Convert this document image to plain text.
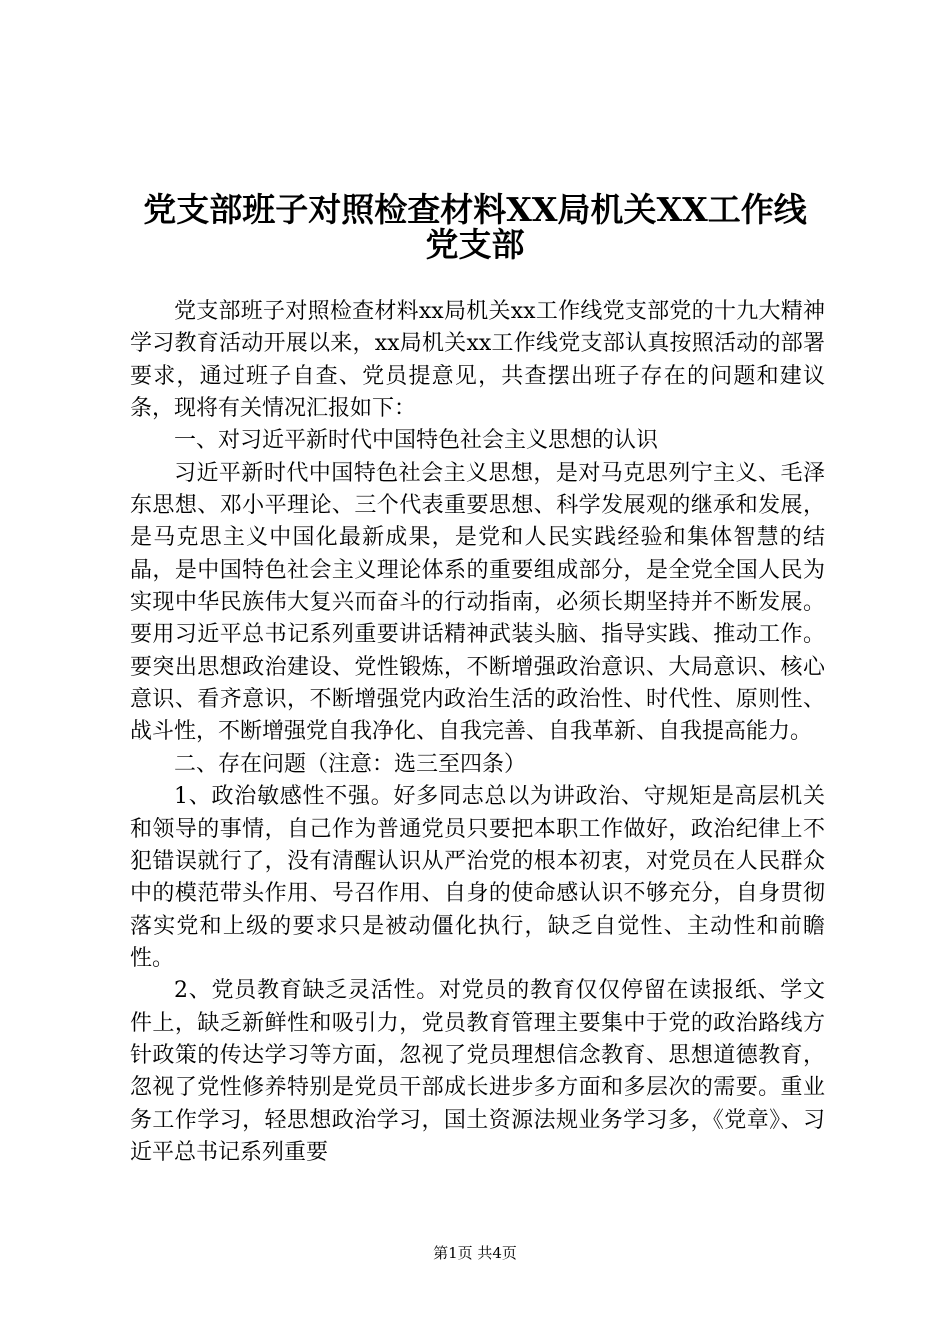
党支部班子对照检查材料XX局机关XX工作线
党支部

党支部班子对照检查材料xx局机关xx工作线党支部党的十九大精神学习教育活动开展以来，xx局机关xx工作线党支部认真按照活动的部署要求，通过班子自查、党员提意见，共查摆出班子存在的问题和建议条，现将有关情况汇报如下：

一、对习近平新时代中国特色社会主义思想的认识

习近平新时代中国特色社会主义思想，是对马克思列宁主义、毛泽东思想、邓小平理论、三个代表重要思想、科学发展观的继承和发展，是马克思主义中国化最新成果，是党和人民实践经验和集体智慧的结晶，是中国特色社会主义理论体系的重要组成部分，是全党全国人民为实现中华民族伟大复兴而奋斗的行动指南，必须长期坚持并不断发展。要用习近平总书记系列重要讲话精神武装头脑、指导实践、推动工作。要突出思想政治建设、党性锻炼，不断增强政治意识、大局意识、核心意识、看齐意识，不断增强党内政治生活的政治性、时代性、原则性、战斗性，不断增强党自我净化、自我完善、自我革新、自我提高能力。

二、存在问题（注意：选三至四条）

1、政治敏感性不强。好多同志总以为讲政治、守规矩是高层机关和领导的事情，自己作为普通党员只要把本职工作做好，政治纪律上不犯错误就行了，没有清醒认识从严治党的根本初衷，对党员在人民群众中的模范带头作用、号召作用、自身的使命感认识不够充分，自身贯彻落实党和上级的要求只是被动僵化执行，缺乏自觉性、主动性和前瞻性。

2、党员教育缺乏灵活性。对党员的教育仅仅停留在读报纸、学文件上，缺乏新鲜性和吸引力，党员教育管理主要集中于党的政治路线方针政策的传达学习等方面，忽视了党员理想信念教育、思想道德教育，忽视了党性修养特别是党员干部成长进步多方面和多层次的需要。重业务工作学习，轻思想政治学习，国土资源法规业务学习多，《党章》、习近平总书记系列重要

第1页 共4页
